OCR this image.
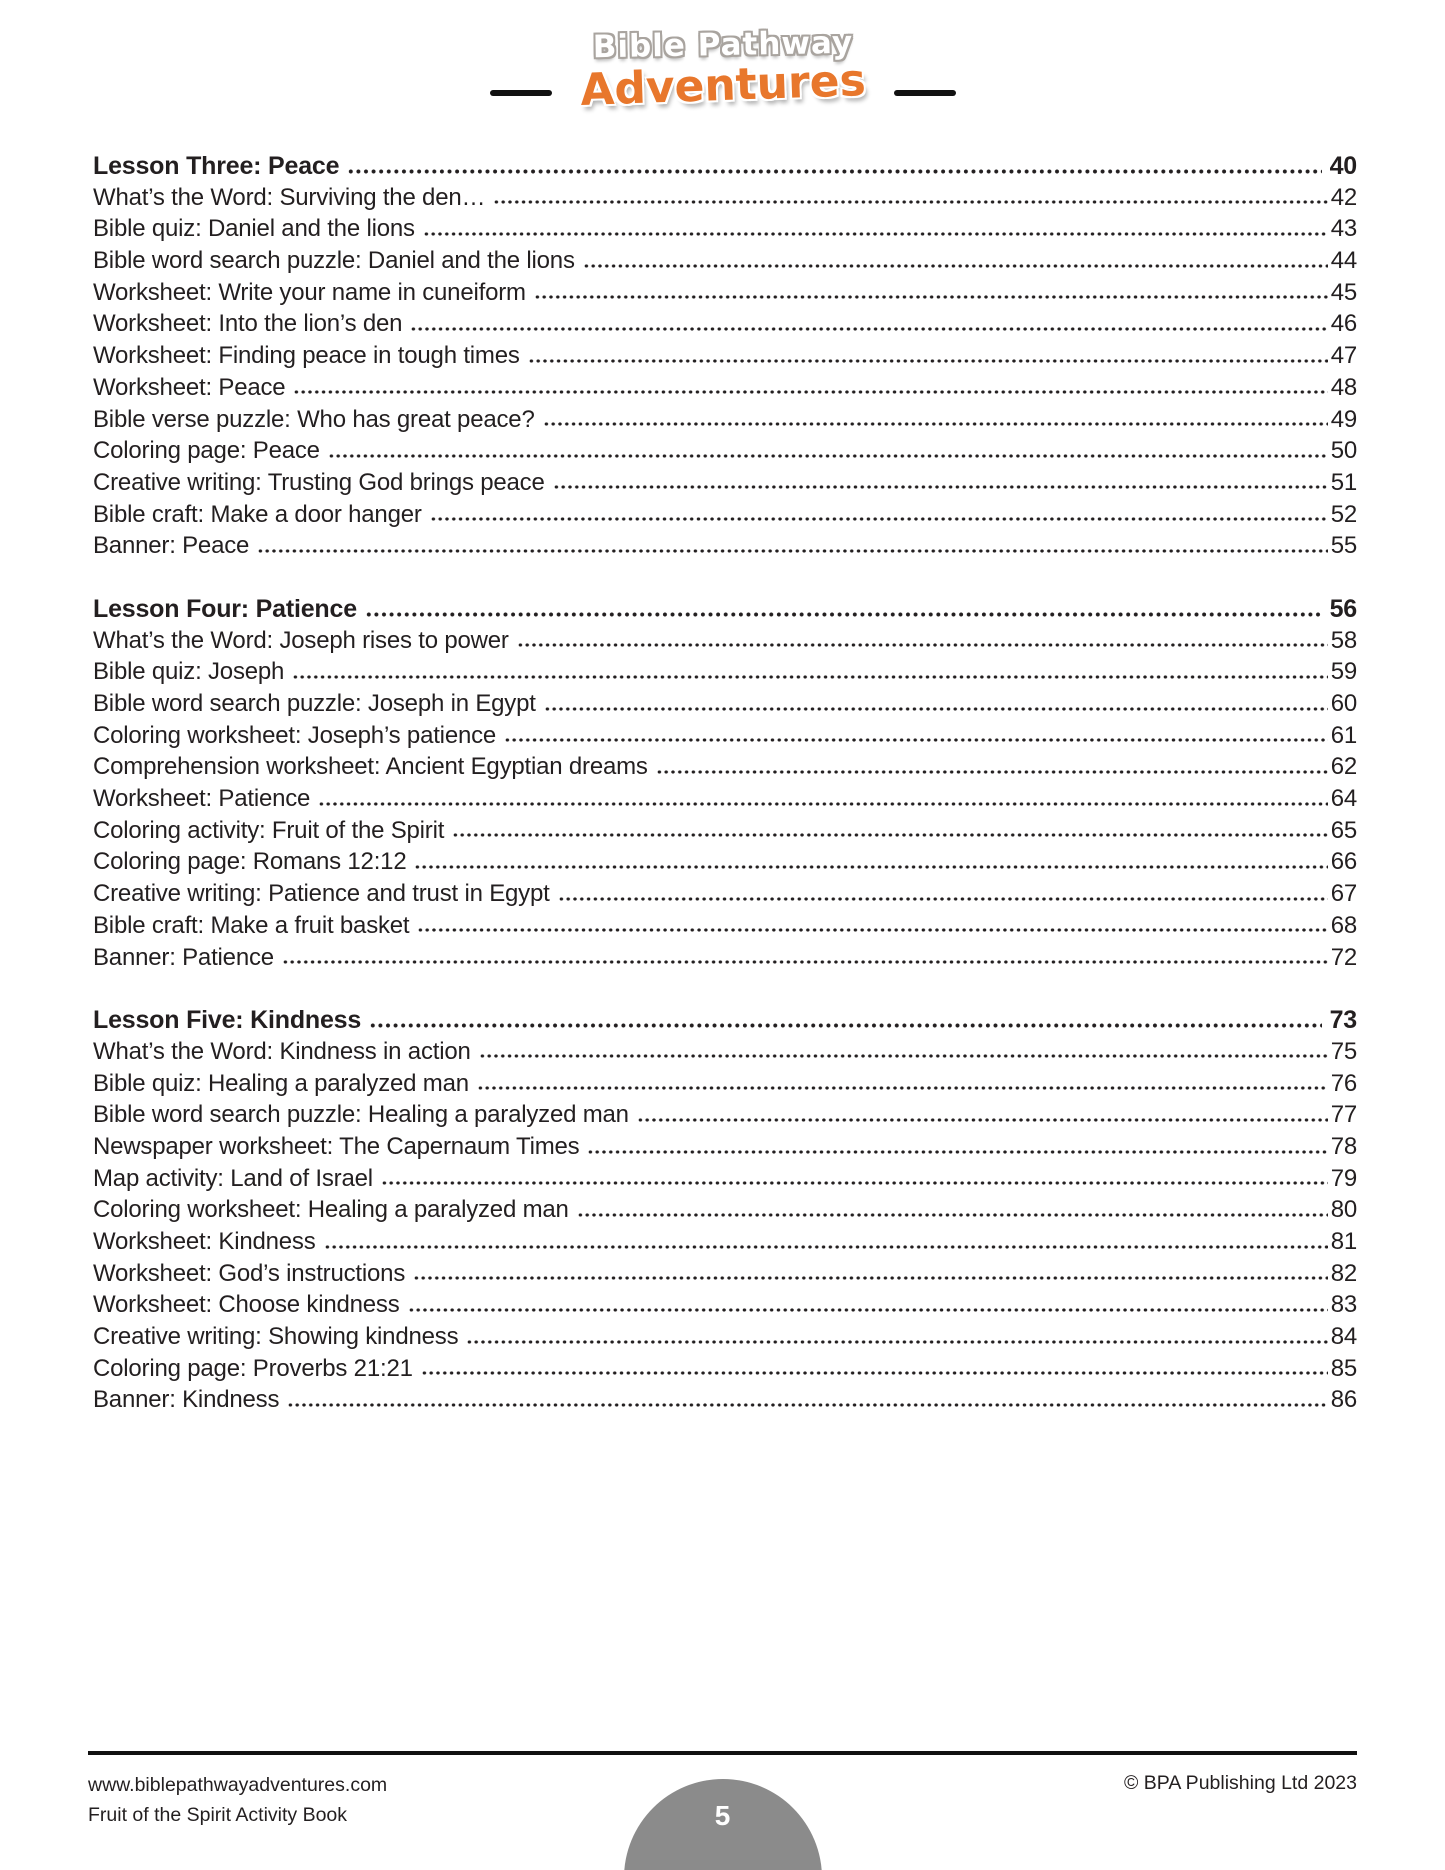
Bible Pathway
Adventures
Lesson Three: Peace	40
What’s the Word: Surviving the den…	42
Bible quiz: Daniel and the lions	43
Bible word search puzzle: Daniel and the lions	44
Worksheet: Write your name in cuneiform	45
Worksheet: Into the lion’s den	46
Worksheet: Finding peace in tough times	47
Worksheet: Peace	48
Bible verse puzzle: Who has great peace?	49
Coloring page: Peace	50
Creative writing: Trusting God brings peace	51
Bible craft: Make a door hanger	52
Banner: Peace	55
Lesson Four: Patience	56
What’s the Word: Joseph rises to power	58
Bible quiz: Joseph	59
Bible word search puzzle: Joseph in Egypt	60
Coloring worksheet: Joseph’s patience	61
Comprehension worksheet: Ancient Egyptian dreams	62
Worksheet: Patience	64
Coloring activity: Fruit of the Spirit	65
Coloring page: Romans 12:12	66
Creative writing: Patience and trust in Egypt	67
Bible craft: Make a fruit basket	68
Banner: Patience	72
Lesson Five: Kindness	73
What’s the Word: Kindness in action	75
Bible quiz: Healing a paralyzed man	76
Bible word search puzzle: Healing a paralyzed man	77
Newspaper worksheet: The Capernaum Times	78
Map activity: Land of Israel	79
Coloring worksheet: Healing a paralyzed man	80
Worksheet: Kindness	81
Worksheet: God’s instructions	82
Worksheet: Choose kindness	83
Creative writing: Showing kindness	84
Coloring page: Proverbs 21:21	85
Banner: Kindness	86
www.biblepathwayadventures.com
Fruit of the Spirit Activity Book
© BPA Publishing Ltd 2023
5
